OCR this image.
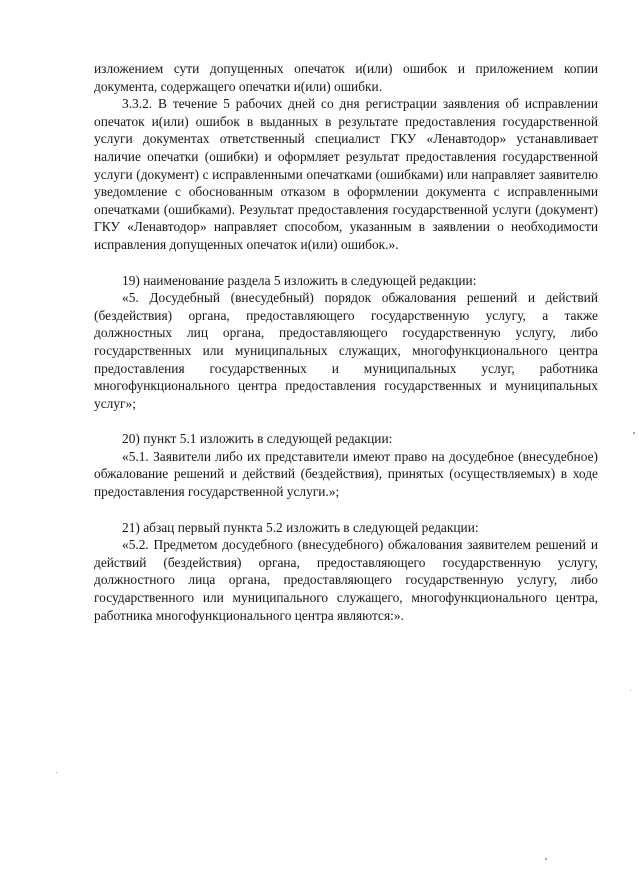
изложением сути допущенных опечаток и(или) ошибок и приложением копии документа, содержащего опечатки и(или) ошибки.

3.3.2. В течение 5 рабочих дней со дня регистрации заявления об исправлении опечаток и(или) ошибок в выданных в результате предоставления государственной услуги документах ответственный специалист ГКУ «Ленавтодор» устанавливает наличие опечатки (ошибки) и оформляет результат предоставления государственной услуги (документ) с исправленными опечатками (ошибками) или направляет заявителю уведомление с обоснованным отказом в оформлении документа с исправленными опечатками (ошибками). Результат предоставления государственной услуги (документ) ГКУ «Ленавтодор» направляет способом, указанным в заявлении о необходимости исправления допущенных опечаток и(или) ошибок.».

19) наименование раздела 5 изложить в следующей редакции:

«5. Досудебный (внесудебный) порядок обжалования решений и действий (бездействия) органа, предоставляющего государственную услугу, а также должностных лиц органа, предоставляющего государственную услугу, либо государственных или муниципальных служащих, многофункционального центра предоставления государственных и муниципальных услуг, работника многофункционального центра предоставления государственных и муниципальных услуг»;

20) пункт 5.1 изложить в следующей редакции:

«5.1. Заявители либо их представители имеют право на досудебное (внесудебное) обжалование решений и действий (бездействия), принятых (осуществляемых) в ходе предоставления государственной услуги.»;

21) абзац первый пункта 5.2 изложить в следующей редакции:

«5.2. Предметом досудебного (внесудебного) обжалования заявителем решений и действий (бездействия) органа, предоставляющего государственную услугу, должностного лица органа, предоставляющего государственную услугу, либо государственного или муниципального служащего, многофункционального центра, работника многофункционального центра являются:».
